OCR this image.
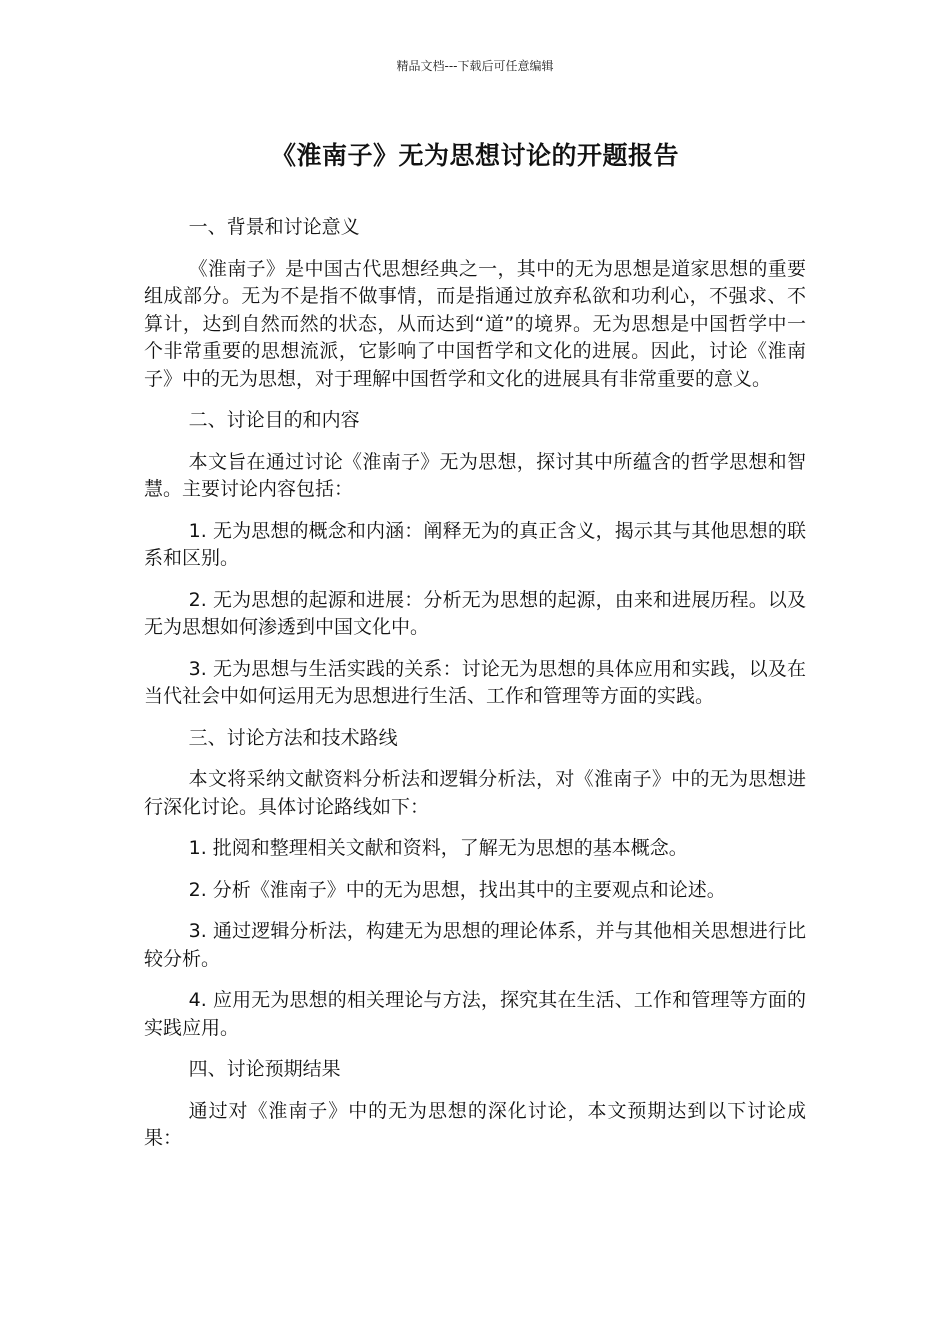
精品文档---下载后可任意编辑
《淮南子》无为思想讨论的开题报告

一、背景和讨论意义

《淮南子》是中国古代思想经典之一，其中的无为思想是道家思想的重要组成部分。无为不是指不做事情，而是指通过放弃私欲和功利心，不强求、不算计，达到自然而然的状态，从而达到“道”的境界。无为思想是中国哲学中一个非常重要的思想流派，它影响了中国哲学和文化的进展。因此，讨论《淮南子》中的无为思想，对于理解中国哲学和文化的进展具有非常重要的意义。

二、讨论目的和内容

本文旨在通过讨论《淮南子》无为思想，探讨其中所蕴含的哲学思想和智慧。主要讨论内容包括：

1. 无为思想的概念和内涵：阐释无为的真正含义，揭示其与其他思想的联系和区别。

2. 无为思想的起源和进展：分析无为思想的起源，由来和进展历程。以及无为思想如何渗透到中国文化中。

3. 无为思想与生活实践的关系：讨论无为思想的具体应用和实践，以及在当代社会中如何运用无为思想进行生活、工作和管理等方面的实践。

三、讨论方法和技术路线

本文将采纳文献资料分析法和逻辑分析法，对《淮南子》中的无为思想进行深化讨论。具体讨论路线如下：

1. 批阅和整理相关文献和资料，了解无为思想的基本概念。

2. 分析《淮南子》中的无为思想，找出其中的主要观点和论述。

3. 通过逻辑分析法，构建无为思想的理论体系，并与其他相关思想进行比较分析。

4. 应用无为思想的相关理论与方法，探究其在生活、工作和管理等方面的实践应用。

四、讨论预期结果

通过对《淮南子》中的无为思想的深化讨论，本文预期达到以下讨论成果：
